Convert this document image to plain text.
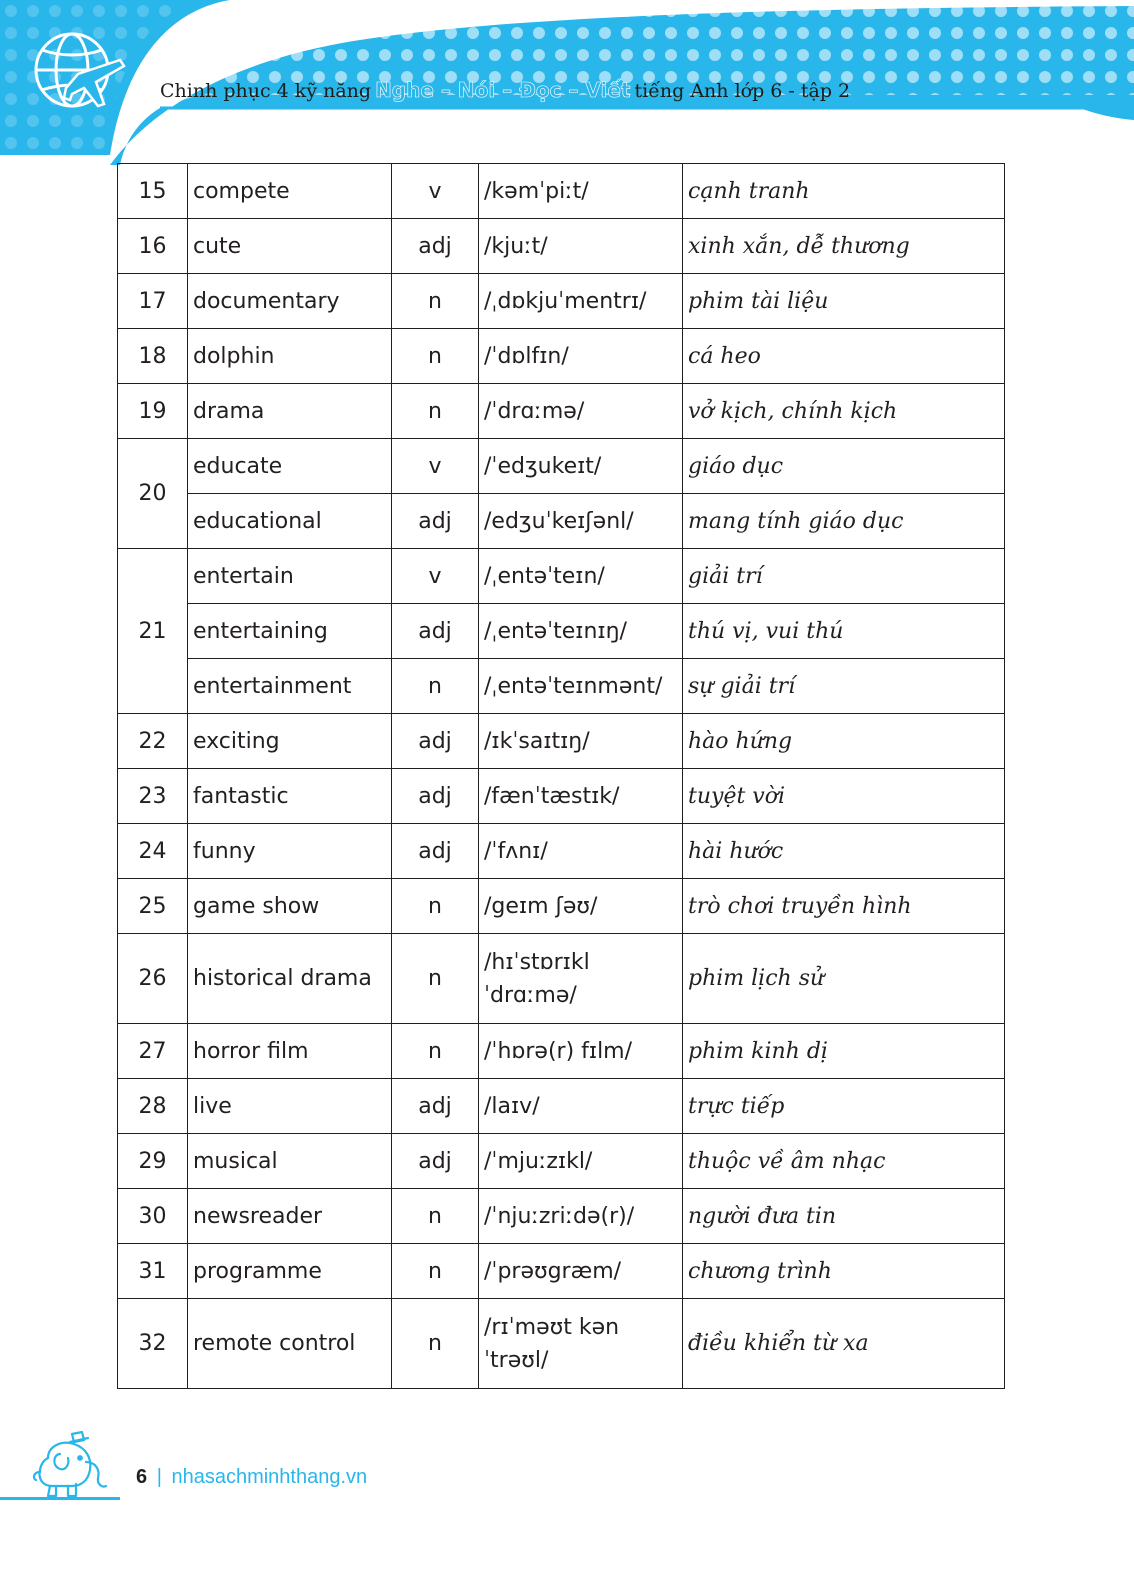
Chinh phục 4 kỹ năng Nghe – Nói – Đọc – Viết tiếng Anh lớp 6 - tập 2
15	compete	v	/kəmˈpiːt/	cạnh tranh
16	cute	adj	/kjuːt/	xinh xắn, dễ thương
17	documentary	n	/ˌdɒkjuˈmentrɪ/	phim tài liệu
18	dolphin	n	/ˈdɒlfɪn/	cá heo
19	drama	n	/ˈdrɑːmə/	vở kịch, chính kịch
20	educate	v	/ˈedʒukeɪt/	giáo dục
	educational	adj	/edʒuˈkeɪʃənl/	mang tính giáo dục
21	entertain	v	/ˌentəˈteɪn/	giải trí
	entertaining	adj	/ˌentəˈteɪnɪŋ/	thú vị, vui thú
	entertainment	n	/ˌentəˈteɪnmənt/	sự giải trí
22	exciting	adj	/ɪkˈsaɪtɪŋ/	hào hứng
23	fantastic	adj	/fænˈtæstɪk/	tuyệt vời
24	funny	adj	/ˈfʌnɪ/	hài hước
25	game show	n	/geɪm ʃəʊ/	trò chơi truyền hình
26	historical drama	n	/hɪˈstɒrɪkl ˈdrɑːmə/	phim lịch sử
27	horror film	n	/ˈhɒrə(r) fɪlm/	phim kinh dị
28	live	adj	/laɪv/	trực tiếp
29	musical	adj	/ˈmjuːzɪkl/	thuộc về âm nhạc
30	newsreader	n	/ˈnjuːzriːdə(r)/	người đưa tin
31	programme	n	/ˈprəʊgræm/	chương trình
32	remote control	n	/rɪˈməʊt kənˈtrəʊl/	điều khiển từ xa
6 | nhasachminhthang.vn
